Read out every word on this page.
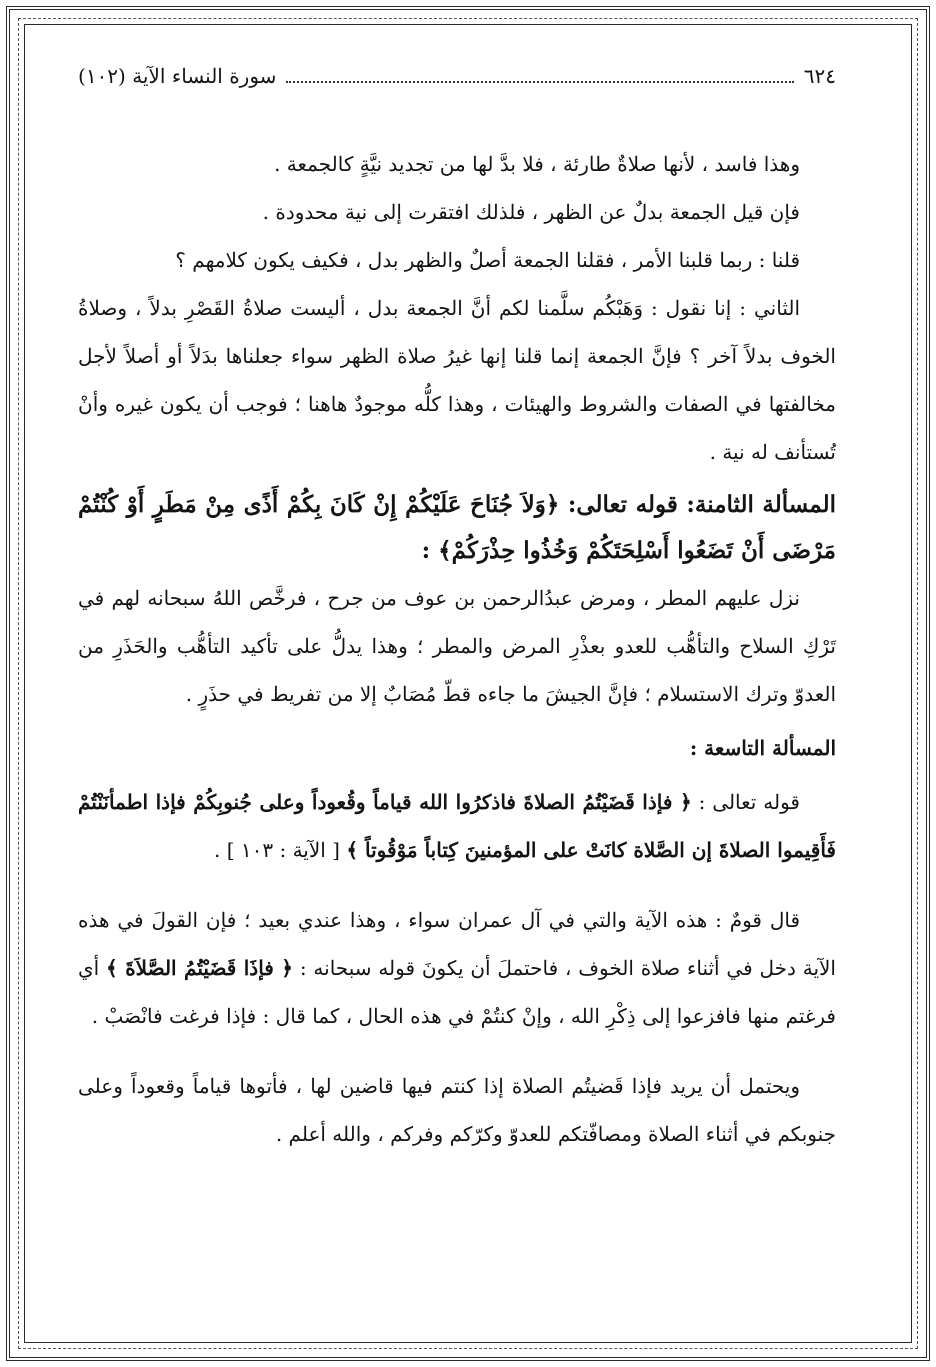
٦٢٤
سورة النساء الآية (١٠٢)

وهذا فاسد ، لأنها صلاةٌ طارئة ، فلا بدَّ لها من تجديد نيَّةٍ كالجمعة .

فإن قيل الجمعة بدلٌ عن الظهر ، فلذلك افتقرت إلى نية محدودة .

قلنا : ربما قلبنا الأمر ، فقلنا الجمعة أصلٌ والظهر بدل ، فكيف يكون كلامهم ؟

الثاني : إنا نقول : وَهَبْكُم سلَّمنا لكم أنَّ الجمعة بدل ، أليست صلاةُ القَصْرِ بدلاً ، وصلاةُ الخوف بدلاً آخر ؟ فإنَّ الجمعة إنما قلنا إنها غيرُ صلاة الظهر سواء جعلناها بدَلاً أو أصلاً لأجل مخالفتها في الصفات والشروط والهيئات ، وهذا كلُّه موجودٌ هاهنا ؛ فوجب أن يكون غيره وأنْ تُستأنف له نية .

المسألة الثامنة: قوله تعالى: ﴿وَلاَ جُنَاحَ عَلَيْكُمْ إِنْ كَانَ بِكُمْ أَذًى مِنْ مَطَرٍ أَوْ كُنْتُمْ مَرْضَى أَنْ تَضَعُوا أَسْلِحَتَكُمْ وَخُذُوا حِذْرَكُمْ﴾ :

نزل عليهم المطر ، ومرض عبدُالرحمن بن عوف من جرح ، فرخَّص اللهُ سبحانه لهم في تَرْكِ السلاح والتأهُّب للعدو بعذْرِ المرض والمطر ؛ وهذا يدلُّ على تأكيد التأهُّب والحَذَرِ من العدوّ وترك الاستسلام ؛ فإنَّ الجيشَ ما جاءه قطّ مُصَابٌ إلا من تفريط في حذَرٍ .

المسألة التاسعة :

قوله تعالى : ﴿ فإذا قَضَيْتُمُ الصلاةَ فاذكرُوا الله قياماً وقُعوداً وعلى جُنوبِكُمْ فإذا اطمأنَنْتُمْ فَأَقِيموا الصلاةَ إن الصَّلاة كانَتْ على المؤمنينَ كِتاباً مَوْقُوتاً ﴾ [ الآية : ١٠٣ ] .

قال قومٌ : هذه الآية والتي في آل عمران سواء ، وهذا عندي بعيد ؛ فإن القولَ في هذه الآية دخل في أثناء صلاة الخوف ، فاحتملَ أن يكونَ قوله سبحانه : ﴿ فإذَا قَضَيْتُمُ الصَّلاَةَ ﴾ أي فرغتم منها فافزعوا إلى ذِكْرِ الله ، وإنْ كنتُمْ في هذه الحال ، كما قال : فإذا فرغت فانْصَبْ .

ويحتمل أن يريد فإذا قَضيتُم الصلاة إذا كنتم فيها قاضين لها ، فأتوها قياماً وقعوداً وعلى جنوبكم في أثناء الصلاة ومصافّتكم للعدوّ وكرّكم وفركم ، والله أعلم .
